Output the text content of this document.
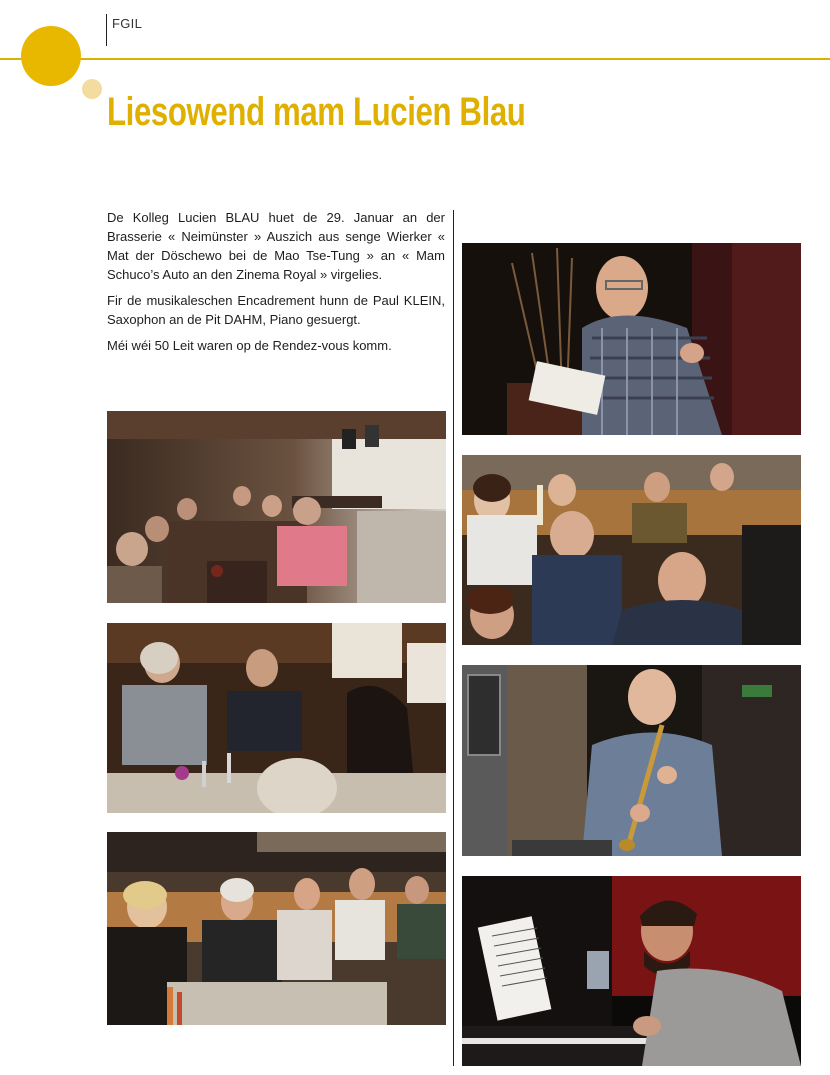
FGIL
Liesowend mam Lucien Blau

De Kolleg Lucien BLAU huet de 29. Januar an der Brasserie « Neimünster » Auszich aus senge Wierker « Mat der Döschewo bei de Mao Tse-Tung » an « Mam Schuco’s Auto an den Zinema Royal » virgelies.

Fir de musikaleschen Encadrement hunn de Paul KLEIN, Saxophon an de Pit DAHM, Piano gesuergt.

Méi wéi 50 Leit waren op de Rendez-vous komm.
